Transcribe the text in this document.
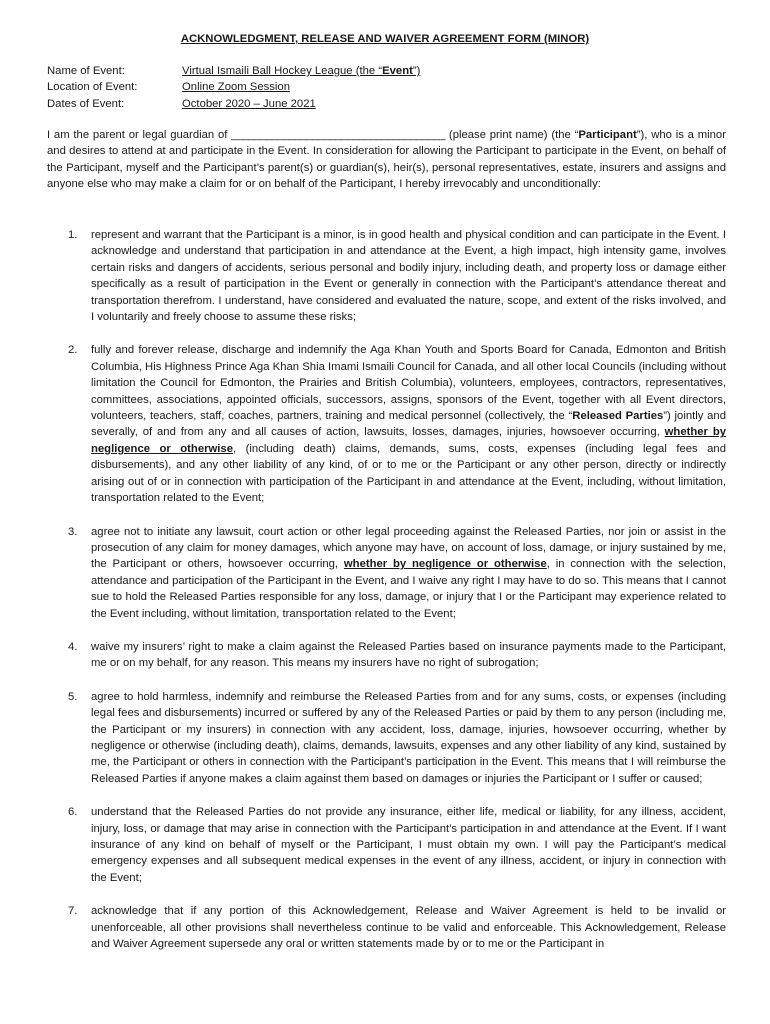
ACKNOWLEDGMENT, RELEASE AND WAIVER AGREEMENT FORM (MINOR)
Name of Event:	Virtual Ismaili Ball Hockey League (the “Event”)
Location of Event:	Online Zoom Session
Dates of Event:	October 2020 – June 2021
I am the parent or legal guardian of _____________________________________ (please print name) (the “Participant”), who is a minor and desires to attend at and participate in the Event. In consideration for allowing the Participant to participate in the Event, on behalf of the Participant, myself and the Participant’s parent(s) or guardian(s), heir(s), personal representatives, estate, insurers and assigns and anyone else who may make a claim for or on behalf of the Participant, I hereby irrevocably and unconditionally:
1.	represent and warrant that the Participant is a minor, is in good health and physical condition and can participate in the Event. I acknowledge and understand that participation in and attendance at the Event, a high impact, high intensity game, involves certain risks and dangers of accidents, serious personal and bodily injury, including death, and property loss or damage either specifically as a result of participation in the Event or generally in connection with the Participant’s attendance thereat and transportation therefrom. I understand, have considered and evaluated the nature, scope, and extent of the risks involved, and I voluntarily and freely choose to assume these risks;
2.	fully and forever release, discharge and indemnify the Aga Khan Youth and Sports Board for Canada, Edmonton and British Columbia, His Highness Prince Aga Khan Shia Imami Ismaili Council for Canada, and all other local Councils (including without limitation the Council for Edmonton, the Prairies and British Columbia), volunteers, employees, contractors, representatives, committees, associations, appointed officials, successors, assigns, sponsors of the Event, together with all Event directors, volunteers, teachers, staff, coaches, partners, training and medical personnel (collectively, the “Released Parties”) jointly and severally, of and from any and all causes of action, lawsuits, losses, damages, injuries, howsoever occurring, whether by negligence or otherwise, (including death) claims, demands, sums, costs, expenses (including legal fees and disbursements), and any other liability of any kind, of or to me or the Participant or any other person, directly or indirectly arising out of or in connection with participation of the Participant in and attendance at the Event, including, without limitation, transportation related to the Event;
3.	agree not to initiate any lawsuit, court action or other legal proceeding against the Released Parties, nor join or assist in the prosecution of any claim for money damages, which anyone may have, on account of loss, damage, or injury sustained by me, the Participant or others, howsoever occurring, whether by negligence or otherwise, in connection with the selection, attendance and participation of the Participant in the Event, and I waive any right I may have to do so. This means that I cannot sue to hold the Released Parties responsible for any loss, damage, or injury that I or the Participant may experience related to the Event including, without limitation, transportation related to the Event;
4.	waive my insurers’ right to make a claim against the Released Parties based on insurance payments made to the Participant, me or on my behalf, for any reason. This means my insurers have no right of subrogation;
5.	agree to hold harmless, indemnify and reimburse the Released Parties from and for any sums, costs, or expenses (including legal fees and disbursements) incurred or suffered by any of the Released Parties or paid by them to any person (including me, the Participant or my insurers) in connection with any accident, loss, damage, injuries, howsoever occurring, whether by negligence or otherwise (including death), claims, demands, lawsuits, expenses and any other liability of any kind, sustained by me, the Participant or others in connection with the Participant’s participation in the Event. This means that I will reimburse the Released Parties if anyone makes a claim against them based on damages or injuries the Participant or I suffer or caused;
6.	understand that the Released Parties do not provide any insurance, either life, medical or liability, for any illness, accident, injury, loss, or damage that may arise in connection with the Participant’s participation in and attendance at the Event. If I want insurance of any kind on behalf of myself or the Participant, I must obtain my own. I will pay the Participant’s medical emergency expenses and all subsequent medical expenses in the event of any illness, accident, or injury in connection with the Event;
7.	acknowledge that if any portion of this Acknowledgement, Release and Waiver Agreement is held to be invalid or unenforceable, all other provisions shall nevertheless continue to be valid and enforceable. This Acknowledgement, Release and Waiver Agreement supersede any oral or written statements made by or to me or the Participant in
